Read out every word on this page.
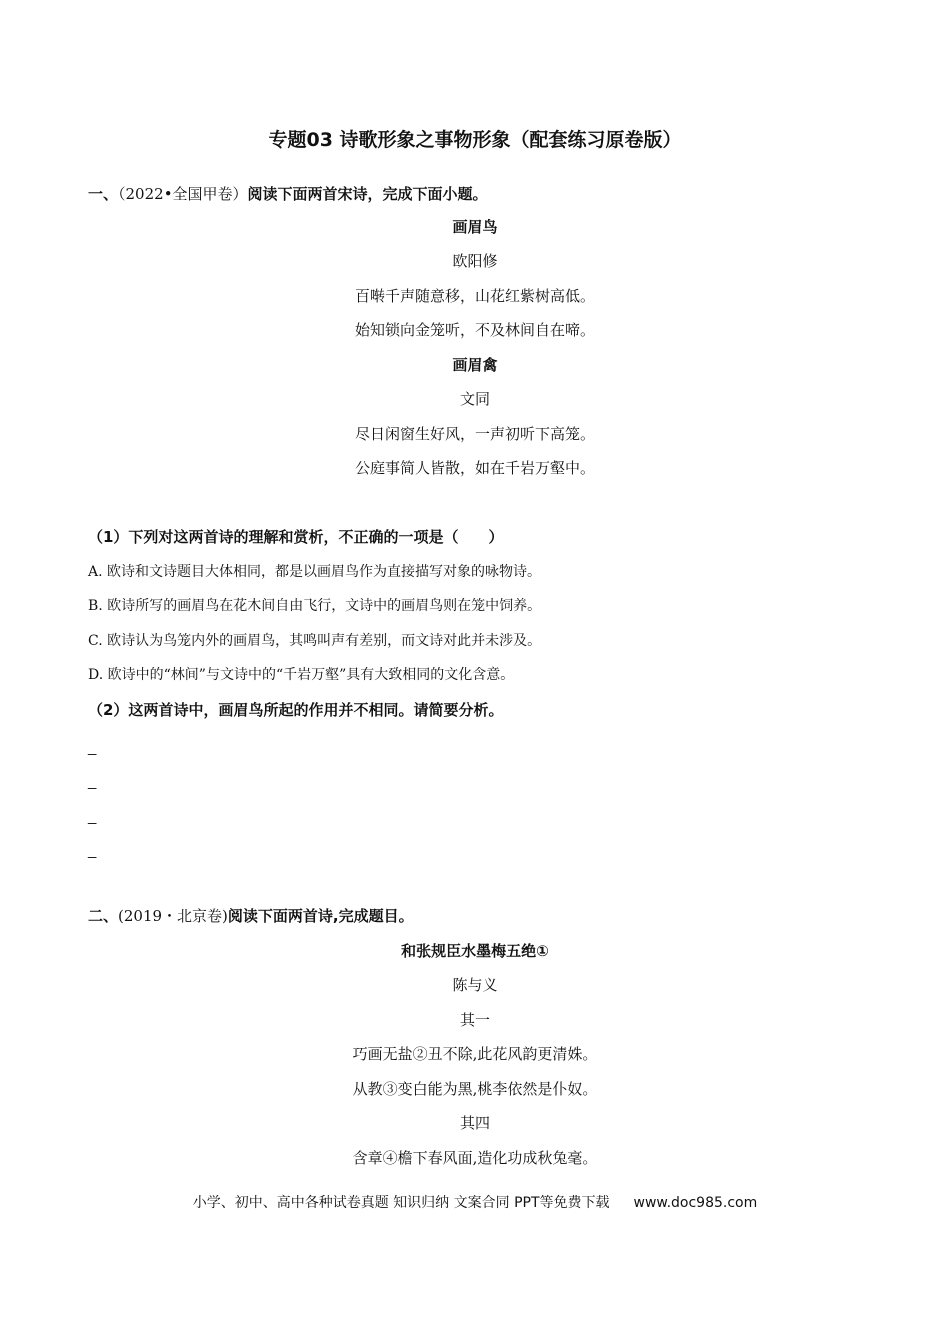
专题03 诗歌形象之事物形象（配套练习原卷版）
一、（2022•全国甲卷）阅读下面两首宋诗，完成下面小题。
画眉鸟
欧阳修
百啭千声随意移，山花红紫树高低。
始知锁向金笼听，不及林间自在啼。
画眉禽
文同
尽日闲窗生好风，一声初听下高笼。
公庭事简人皆散，如在千岩万壑中。
（1）下列对这两首诗的理解和赏析，不正确的一项是（　　）
A. 欧诗和文诗题目大体相同，都是以画眉鸟作为直接描写对象的咏物诗。
B. 欧诗所写的画眉鸟在花木间自由飞行，文诗中的画眉鸟则在笼中饲养。
C. 欧诗认为鸟笼内外的画眉鸟，其鸣叫声有差别，而文诗对此并未涉及。
D. 欧诗中的“林间”与文诗中的“千岩万壑”具有大致相同的文化含意。
（2）这两首诗中，画眉鸟所起的作用并不相同。请简要分析。
_
_
_
_
二、(2019・北京卷)阅读下面两首诗,完成题目。
和张规臣水墨梅五绝①
陈与义
其一
巧画无盐②丑不除,此花风韵更清姝。
从教③变白能为黑,桃李依然是仆奴。
其四
含章④檐下春风面,造化功成秋兔毫。
小学、初中、高中各种试卷真题 知识归纳 文案合同 PPT等免费下载 www.doc985.com
